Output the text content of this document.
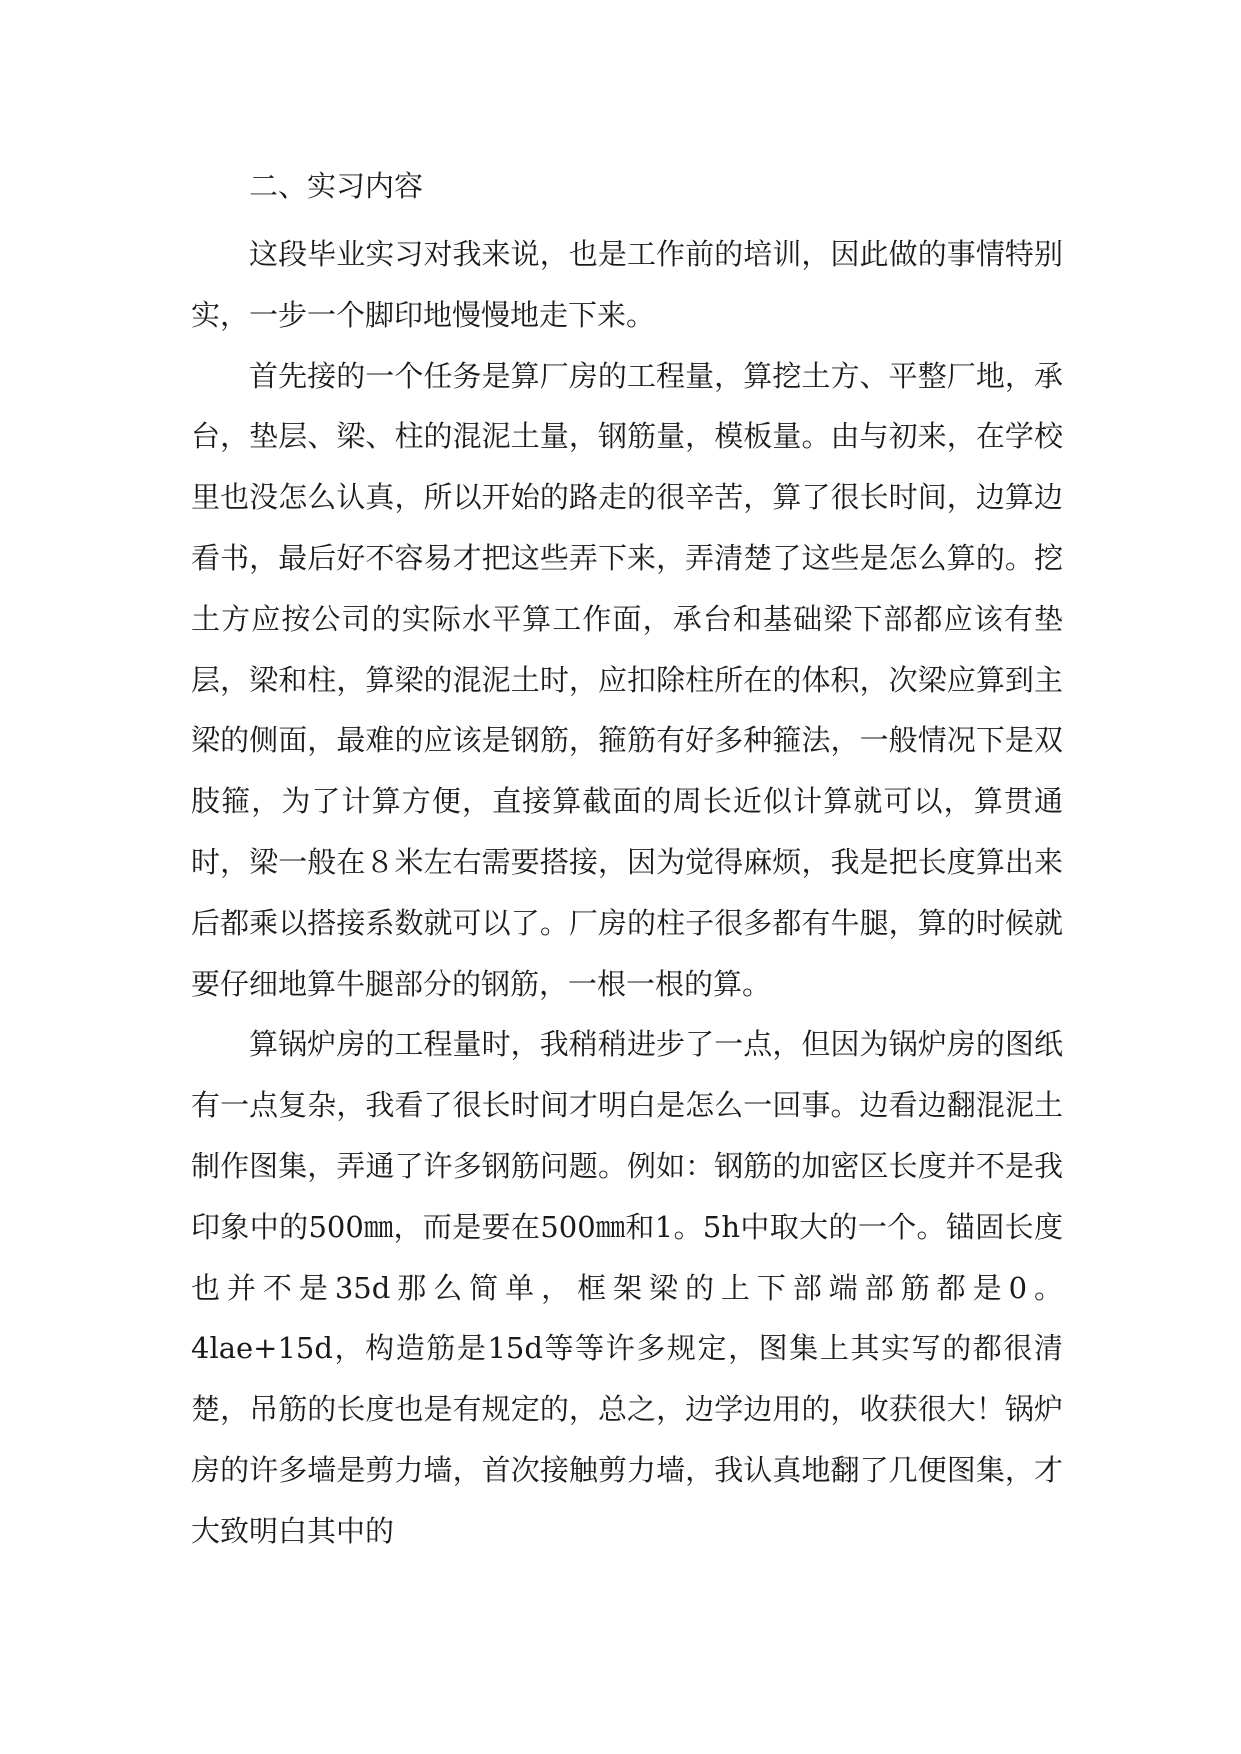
二、实习内容

这段毕业实习对我来说，也是工作前的培训，因此做的事情特别实，一步一个脚印地慢慢地走下来。

首先接的一个任务是算厂房的工程量，算挖土方、平整厂地，承台，垫层、梁、柱的混泥土量，钢筋量，模板量。由与初来，在学校里也没怎么认真，所以开始的路走的很辛苦，算了很长时间，边算边看书，最后好不容易才把这些弄下来，弄清楚了这些是怎么算的。挖土方应按公司的实际水平算工作面，承台和基础梁下部都应该有垫层，梁和柱，算梁的混泥土时，应扣除柱所在的体积，次梁应算到主梁的侧面，最难的应该是钢筋，箍筋有好多种箍法，一般情况下是双肢箍，为了计算方便，直接算截面的周长近似计算就可以，算贯通时，梁一般在８米左右需要搭接，因为觉得麻烦，我是把长度算出来后都乘以搭接系数就可以了。厂房的柱子很多都有牛腿，算的时候就要仔细地算牛腿部分的钢筋，一根一根的算。

算锅炉房的工程量时，我稍稍进步了一点，但因为锅炉房的图纸有一点复杂，我看了很长时间才明白是怎么一回事。边看边翻混泥土制作图集，弄通了许多钢筋问题。例如：钢筋的加密区长度并不是我印象中的500㎜，而是要在500㎜和1。5h中取大的一个。锚固长度也并不是35d那么简单，框架梁的上下部端部筋都是0。4lae+15d，构造筋是15d等等许多规定，图集上其实写的都很清楚，吊筋的长度也是有规定的，总之，边学边用的，收获很大！锅炉房的许多墙是剪力墙，首次接触剪力墙，我认真地翻了几便图集，才大致明白其中的
